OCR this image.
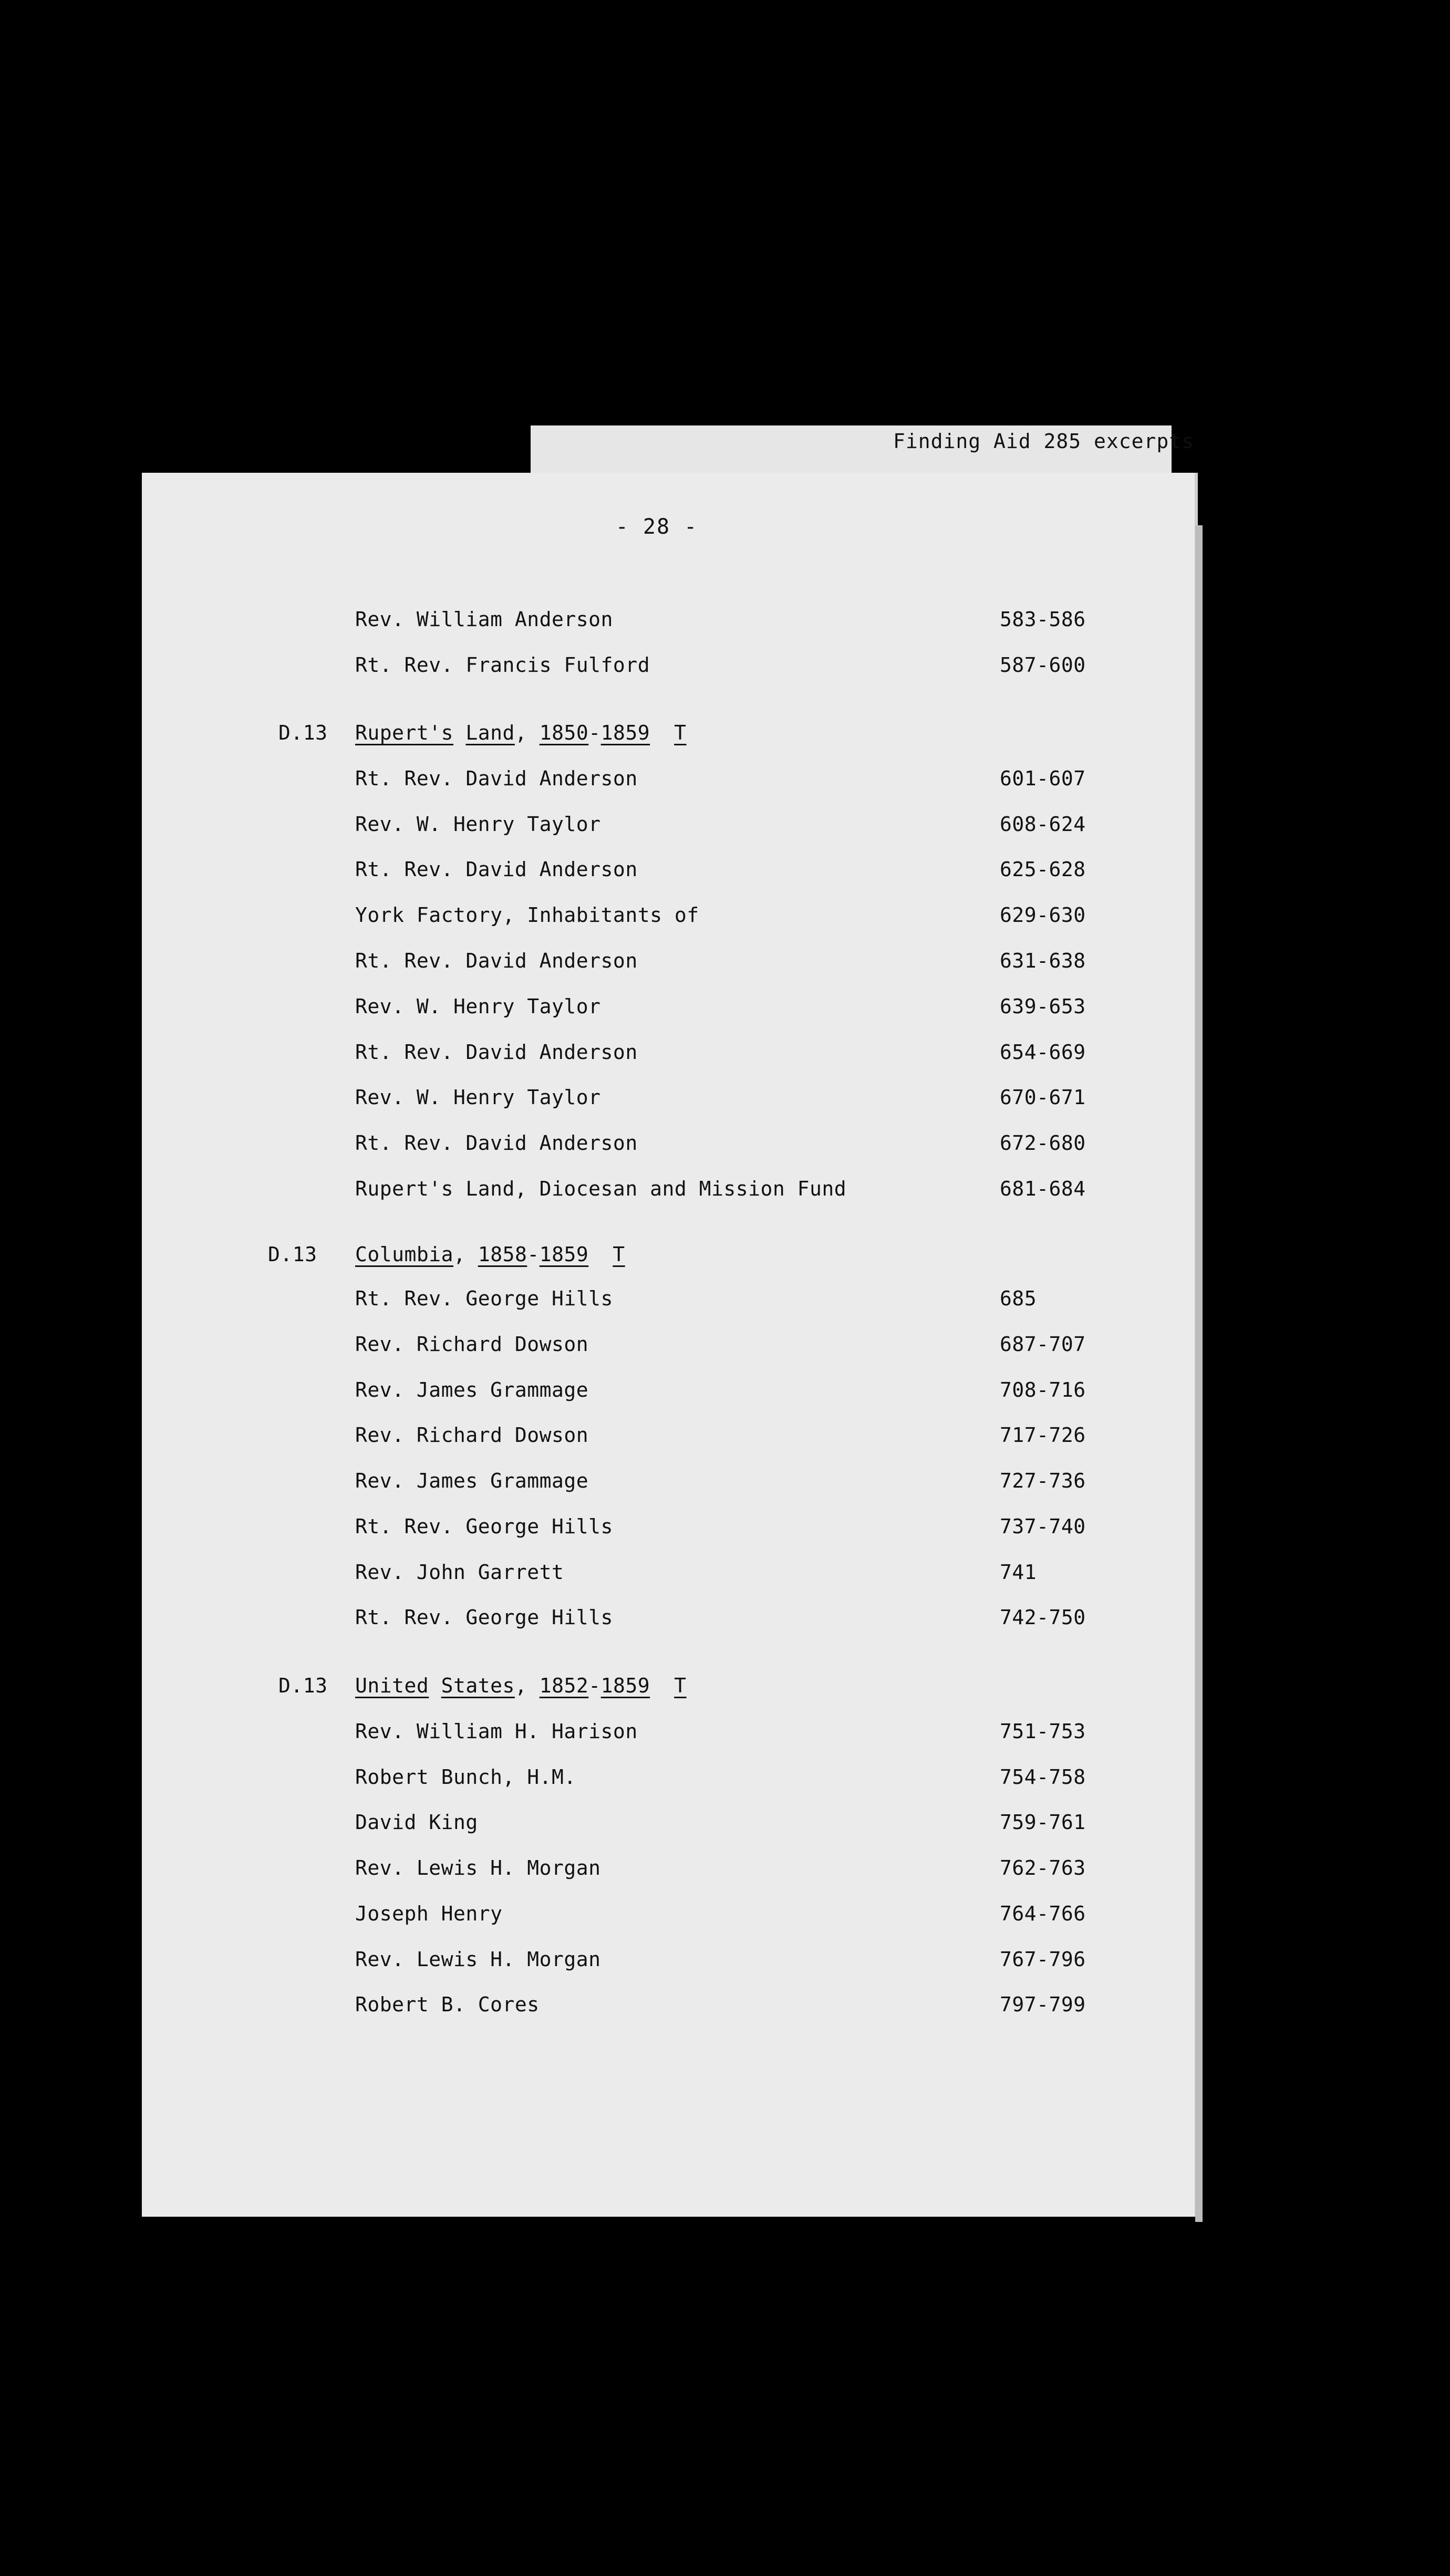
Finding Aid 285 excerpts
- 28 -
Rev. William Anderson	583-586
Rt. Rev. Francis Fulford	587-600
D.13 Rupert's Land, 1850-1859 T
Rt. Rev. David Anderson	601-607
Rev. W. Henry Taylor	608-624
Rt. Rev. David Anderson	625-628
York Factory, Inhabitants of	629-630
Rt. Rev. David Anderson	631-638
Rev. W. Henry Taylor	639-653
Rt. Rev. David Anderson	654-669
Rev. W. Henry Taylor	670-671
Rt. Rev. David Anderson	672-680
Rupert's Land, Diocesan and Mission Fund	681-684
D.13 Columbia, 1858-1859 T
Rt. Rev. George Hills	685
Rev. Richard Dowson	687-707
Rev. James Grammage	708-716
Rev. Richard Dowson	717-726
Rev. James Grammage	727-736
Rt. Rev. George Hills	737-740
Rev. John Garrett	741
Rt. Rev. George Hills	742-750
D.13 United States, 1852-1859 T
Rev. William H. Harison	751-753
Robert Bunch, H.M.	754-758
David King	759-761
Rev. Lewis H. Morgan	762-763
Joseph Henry	764-766
Rev. Lewis H. Morgan	767-796
Robert B. Cores	797-799
